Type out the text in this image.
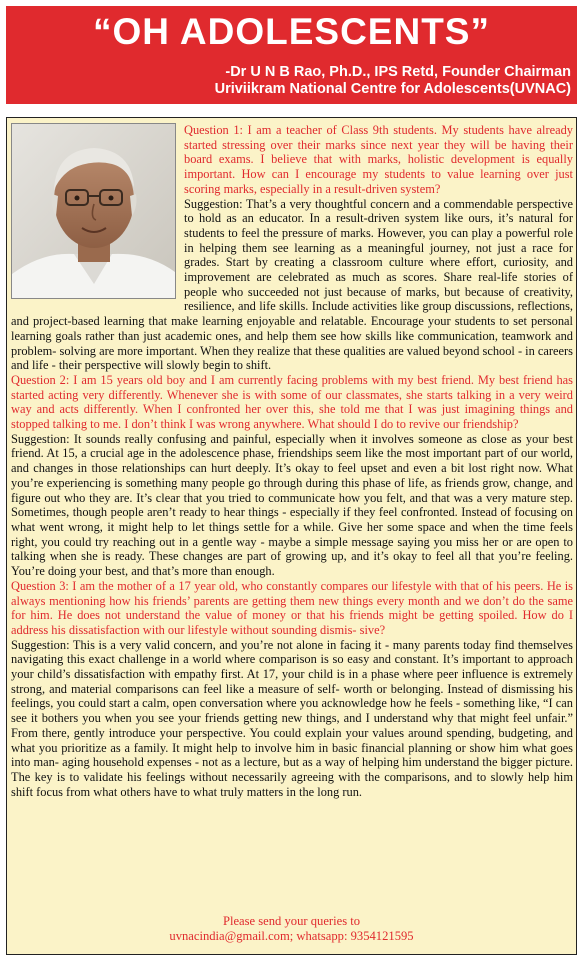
“OH ADOLESCENTS”
-Dr U N B Rao, Ph.D., IPS Retd, Founder Chairman
Uriviikram National Centre for Adolescents(UVNAC)

Question 1: I am a teacher of Class 9th students. My students have already started stressing over their marks since next year they will be having their board exams. I believe that with marks, holistic development is equally important. How can I encourage my students to value learning over just scoring marks, especially in a result-driven system?

Suggestion: That’s a very thoughtful concern and a commendable perspective to hold as an educator. In a result-driven system like ours, it’s natural for students to feel the pressure of marks. However, you can play a powerful role in helping them see learning as a meaningful journey, not just a race for grades. Start by creating a classroom culture where effort, curiosity, and improvement are celebrated as much as scores. Share real-life stories of people who succeeded not just because of marks, but because of creativity, resilience, and life skills. Include activities like group discussions, reflections, and project-based learning that make learning enjoyable and relatable. Encourage your students to set personal learning goals rather than just academic ones, and help them see how skills like communication, teamwork and problem- solving are more important. When they realize that these qualities are valued beyond school - in careers and life - their perspective will slowly begin to shift.

Question 2: I am 15 years old boy and I am currently facing problems with my best friend. My best friend has started acting very differently. Whenever she is with some of our classmates, she starts talking in a very weird way and acts differently. When I confronted her over this, she told me that I was just imagining things and stopped talking to me. I don’t think I was wrong anywhere. What should I do to revive our friendship?

Suggestion: It sounds really confusing and painful, especially when it involves someone as close as your best friend. At 15, a crucial age in the adolescence phase, friendships seem like the most important part of our world, and changes in those relationships can hurt deeply. It’s okay to feel upset and even a bit lost right now. What you’re experiencing is something many people go through during this phase of life, as friends grow, change, and figure out who they are. It’s clear that you tried to communicate how you felt, and that was a very mature step. Sometimes, though people aren’t ready to hear things - especially if they feel confronted. Instead of focusing on what went wrong, it might help to let things settle for a while. Give her some space and when the time feels right, you could try reaching out in a gentle way - maybe a simple message saying you miss her or are open to talking when she is ready. These changes are part of growing up, and it’s okay to feel all that you’re feeling. You’re doing your best, and that’s more than enough.

Question 3: I am the mother of a 17 year old, who constantly compares our lifestyle with that of his peers. He is always mentioning how his friends’ parents are getting them new things every month and we don’t do the same for him. He does not understand the value of money or that his friends might be getting spoiled. How do I address his dissatisfaction with our lifestyle without sounding dismis- sive?

Suggestion: This is a very valid concern, and you’re not alone in facing it - many parents today find themselves navigating this exact challenge in a world where comparison is so easy and constant. It’s important to approach your child’s dissatisfaction with empathy first. At 17, your child is in a phase where peer influence is extremely strong, and material comparisons can feel like a measure of self- worth or belonging. Instead of dismissing his feelings, you could start a calm, open conversation where you acknowledge how he feels - something like, “I can see it bothers you when you see your friends getting new things, and I understand why that might feel unfair.” From there, gently introduce your perspective. You could explain your values around spending, budgeting, and what you prioritize as a family. It might help to involve him in basic financial planning or show him what goes into man- aging household expenses - not as a lecture, but as a way of helping him understand the bigger picture. The key is to validate his feelings without necessarily agreeing with the comparisons, and to slowly help him shift focus from what others have to what truly matters in the long run.

Please send your queries to
uvnacindia@gmail.com; whatsapp: 9354121595
